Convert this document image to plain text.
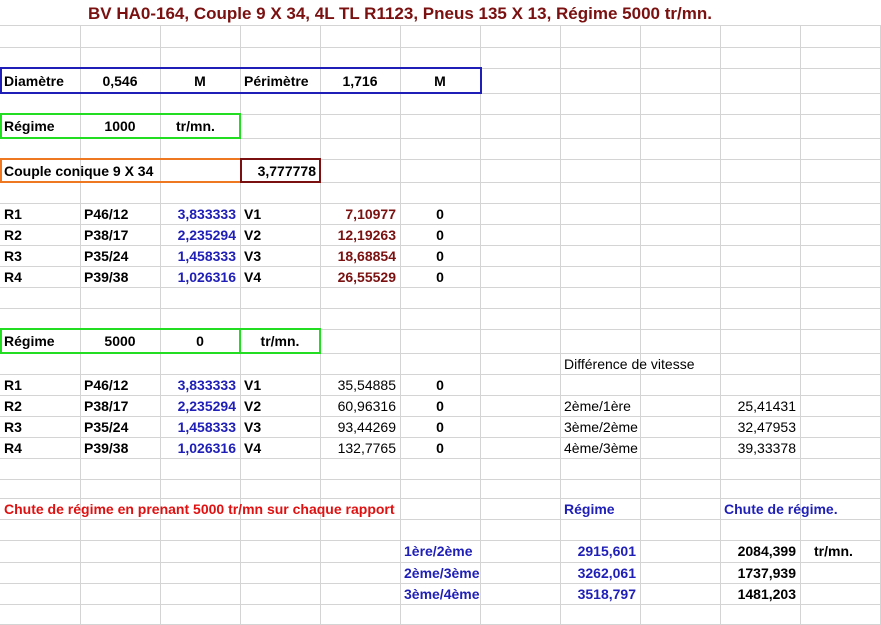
BV HA0-164, Couple 9 X 34, 4L TL R1123, Pneus 135 X 13, Régime 5000 tr/mn.
Diamètre	0,546	M	Périmètre	1,716	M
Régime	1000	tr/mn.
Couple conique 9 X 34	3,777778
R1	P46/12	3,833333 V1	7,10977	0
R2	P38/17	2,235294 V2	12,19263	0
R3	P35/24	1,458333 V3	18,68854	0
R4	P39/38	1,026316 V4	26,55529	0
Régime	5000	0	tr/mn.
Différence de vitesse
R1	P46/12	3,833333 V1	35,54885	0
R2	P38/17	2,235294 V2	60,96316	0	2ème/1ère	25,41431
R3	P35/24	1,458333 V3	93,44269	0	3ème/2ème	32,47953
R4	P39/38	1,026316 V4	132,7765	0	4ème/3ème	39,33378
Chute de régime en prenant 5000 tr/mn sur chaque rapport	Régime	Chute de régime.
tr/mn.
1ère/2ème	2915,601	2084,399
2ème/3ème	3262,061	1737,939
3ème/4ème	3518,797	1481,203
